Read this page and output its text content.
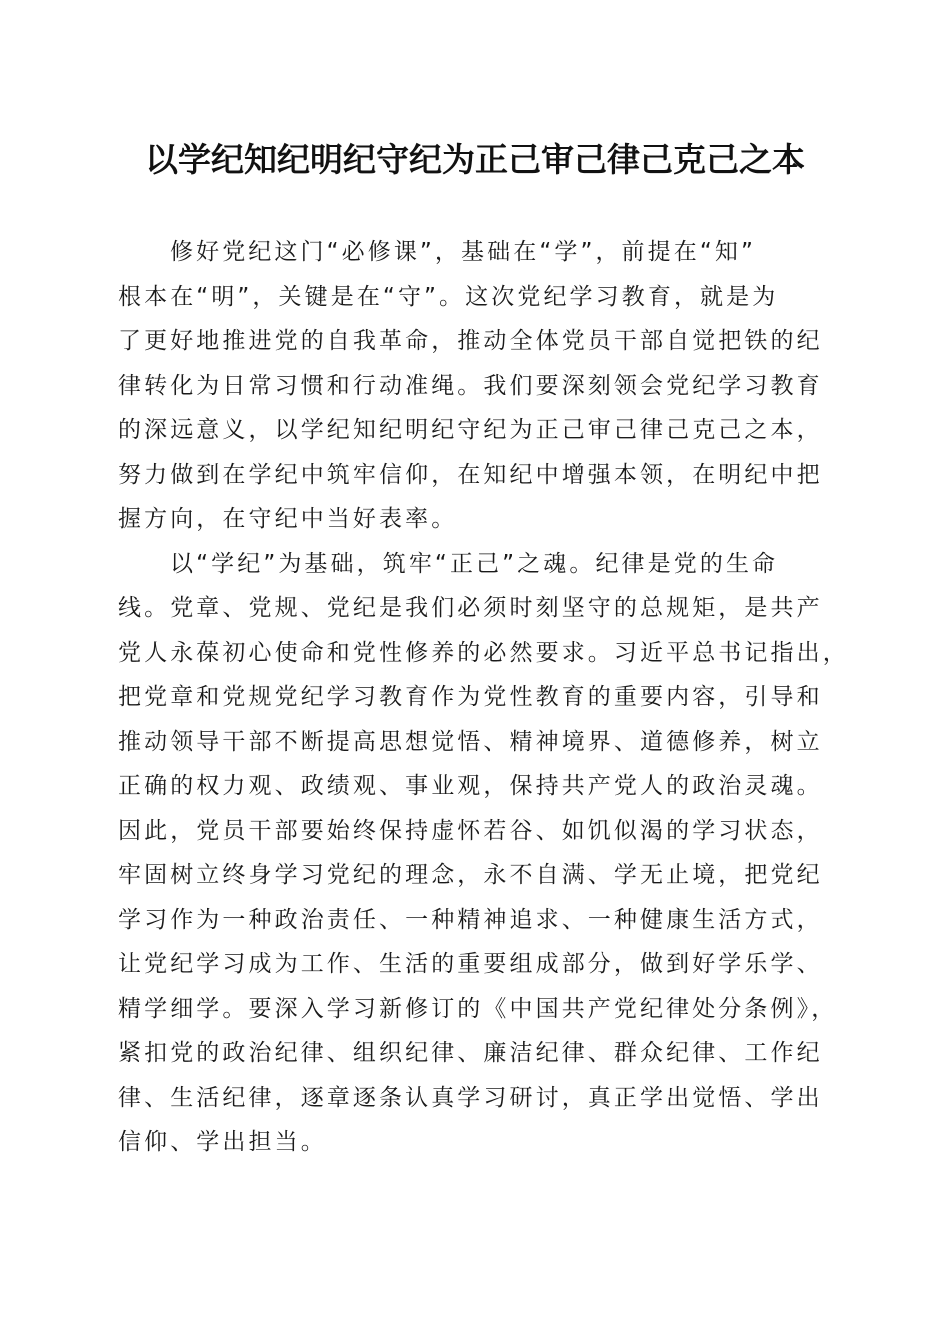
以学纪知纪明纪守纪为正己审己律己克己之本
修好党纪这门“必修课”，基础在“学”，前提在“知”
根本在“明”，关键是在“守”。这次党纪学习教育，就是为
了更好地推进党的自我革命，推动全体党员干部自觉把铁的纪
律转化为日常习惯和行动准绳。我们要深刻领会党纪学习教育
的深远意义，以学纪知纪明纪守纪为正己审己律己克己之本，
努力做到在学纪中筑牢信仰，在知纪中增强本领，在明纪中把
握方向，在守纪中当好表率。
以“学纪”为基础，筑牢“正己”之魂。纪律是党的生命
线。党章、党规、党纪是我们必须时刻坚守的总规矩，是共产
党人永葆初心使命和党性修养的必然要求。习近平总书记指出，
把党章和党规党纪学习教育作为党性教育的重要内容，引导和
推动领导干部不断提高思想觉悟、精神境界、道德修养，树立
正确的权力观、政绩观、事业观，保持共产党人的政治灵魂。
因此，党员干部要始终保持虚怀若谷、如饥似渴的学习状态，
牢固树立终身学习党纪的理念，永不自满、学无止境，把党纪
学习作为一种政治责任、一种精神追求、一种健康生活方式，
让党纪学习成为工作、生活的重要组成部分，做到好学乐学、
精学细学。要深入学习新修订的《中国共产党纪律处分条例》，
紧扣党的政治纪律、组织纪律、廉洁纪律、群众纪律、工作纪
律、生活纪律，逐章逐条认真学习研讨，真正学出觉悟、学出
信仰、学出担当。
